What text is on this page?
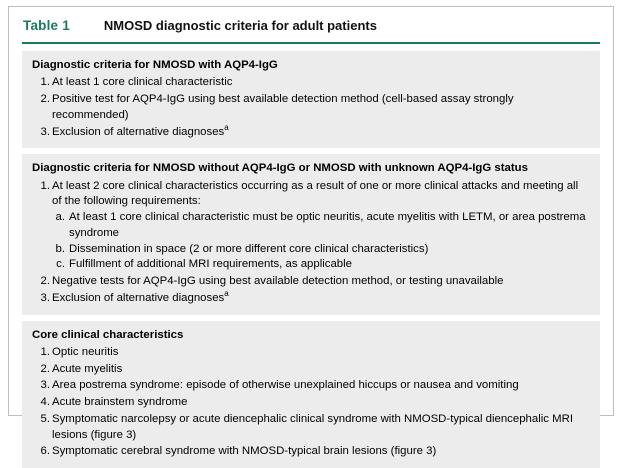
Table 1	NMOSD diagnostic criteria for adult patients
Diagnostic criteria for NMOSD with AQP4-IgG
1. At least 1 core clinical characteristic
2. Positive test for AQP4-IgG using best available detection method (cell-based assay strongly recommended)
3. Exclusion of alternative diagnoses$^a$
Diagnostic criteria for NMOSD without AQP4-IgG or NMOSD with unknown AQP4-IgG status
1. At least 2 core clinical characteristics occurring as a result of one or more clinical attacks and meeting all of the following requirements:
a. At least 1 core clinical characteristic must be optic neuritis, acute myelitis with LETM, or area postrema syndrome
b. Dissemination in space (2 or more different core clinical characteristics)
c. Fulfillment of additional MRI requirements, as applicable
2. Negative tests for AQP4-IgG using best available detection method, or testing unavailable
3. Exclusion of alternative diagnoses$^a$
Core clinical characteristics
1. Optic neuritis
2. Acute myelitis
3. Area postrema syndrome: episode of otherwise unexplained hiccups or nausea and vomiting
4. Acute brainstem syndrome
5. Symptomatic narcolepsy or acute diencephalic clinical syndrome with NMOSD-typical diencephalic MRI lesions (figure 3)
6. Symptomatic cerebral syndrome with NMOSD-typical brain lesions (figure 3)
